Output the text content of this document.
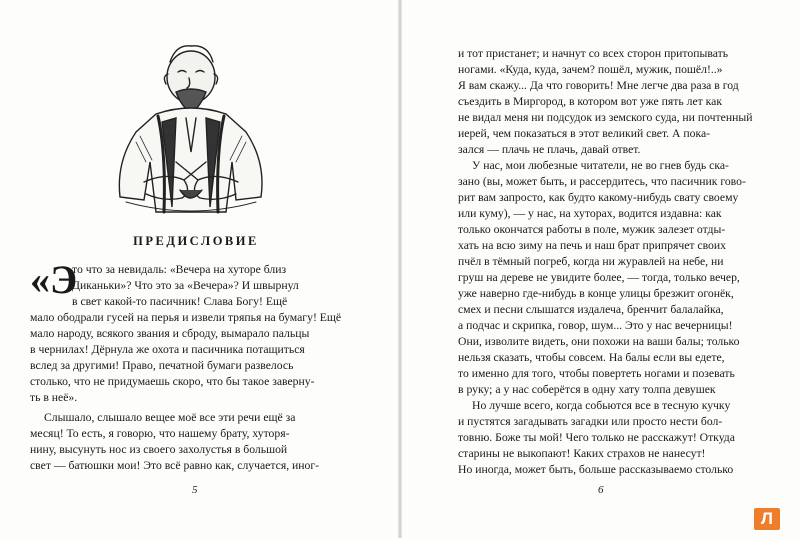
ПРЕДИСЛОВИЕ
«Э
то что за невидаль: «Вечера на хуторе близ
Диканьки»? Что это за «Вечера»? И швырнул
в свет какой-то пасичник! Слава Богу! Ещё
мало ободрали гусей на перья и извели тряпья на бумагу! Ещё
мало народу, всякого звания и сброду, вымарало пальцы
в чернилах! Дёрнула же охота и пасичника потащиться
вслед за другими! Право, печатной бумаги развелось
столько, что не придумаешь скоро, что бы такое заверну-
ть в неё».
Слышало, слышало вещее моё все эти речи ещё за
месяц! То есть, я говорю, что нашему брату, хуторя-
нину, высунуть нос из своего захолустья в большой
свет — батюшки мои! Это всё равно как, случается, иног-
5
и тот пристанет; и начнут со всех сторон притопывать
ногами. «Куда, куда, зачем? пошёл, мужик, пошёл!..»
Я вам скажу... Да что говорить! Мне легче два раза в год
съездить в Миргород, в котором вот уже пять лет как
не видал меня ни подсудок из земского суда, ни почтенный
иерей, чем показаться в этот великий свет. А пока-
зался — плачь не плачь, давай ответ.
У нас, мои любезные читатели, не во гнев будь ска-
зано (вы, может быть, и рассердитесь, что пасичник гово-
рит вам запросто, как будто какому-нибудь свату своему
или куму), — у нас, на хуторах, водится издавна: как
только окончатся работы в поле, мужик залезет отды-
хать на всю зиму на печь и наш брат припрячет своих
пчёл в тёмный погреб, когда ни журавлей на небе, ни
груш на дереве не увидите более, — тогда, только вечер,
уже наверно где-нибудь в конце улицы брезжит огонёк,
смех и песни слышатся издалеча, бренчит балалайка,
а подчас и скрипка, говор, шум... Это у нас вечерницы!
Они, изволите видеть, они похожи на ваши балы; только
нельзя сказать, чтобы совсем. На балы если вы едете,
то именно для того, чтобы повертеть ногами и позевать
в руку; а у нас соберётся в одну хату толпа девушек
Но лучше всего, когда собьются все в тесную кучку
и пустятся загадывать загадки или просто нести бол-
товню. Боже ты мой! Чего только не расскажут! Откуда
старины не выкопают! Каких страхов не нанесут!
Но иногда, может быть, больше рассказываемо столько
6
Л
